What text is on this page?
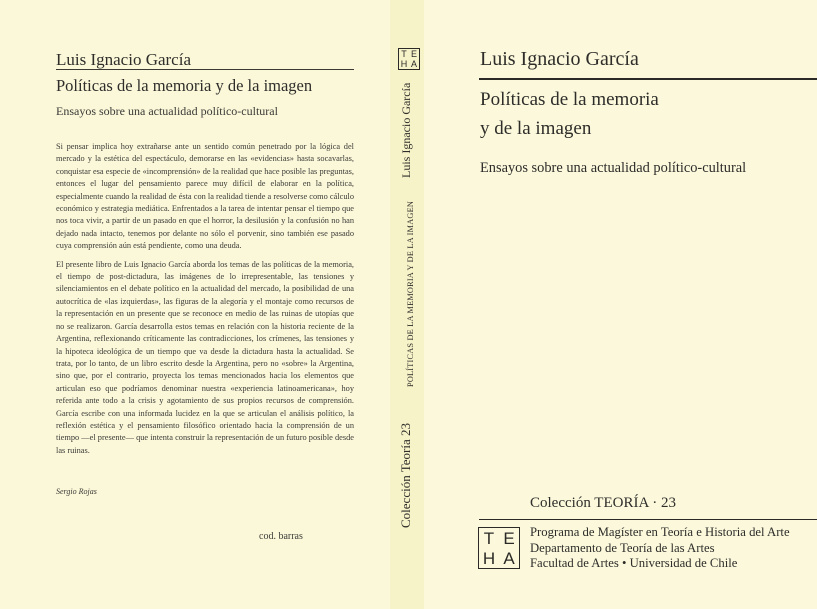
Luis Ignacio García
Políticas de la memoria y de la imagen
Ensayos sobre una actualidad político-cultural

Si pensar implica hoy extrañarse ante un sentido común penetrado por la lógica del mercado y la estética del espectáculo, demorarse en las «evidencias» hasta socavarlas, conquistar esa especie de «incomprensión» de la realidad que hace posible las preguntas, entonces el lugar del pensamiento parece muy difícil de elaborar en la política, especialmente cuando la realidad de ésta con la realidad tiende a resolverse como cálculo económico y estrategia mediática. Enfrentados a la tarea de intentar pensar el tiempo que nos toca vivir, a partir de un pasado en que el horror, la desilusión y la confusión no han dejado nada intacto, tenemos por delante no sólo el porvenir, sino también ese pasado cuya comprensión aún está pendiente, como una deuda.

El presente libro de Luis Ignacio García aborda los temas de las políticas de la memoria, el tiempo de post-dictadura, las imágenes de lo irrepresentable, las tensiones y silenciamientos en el debate político en la actualidad del mercado, la posibilidad de una autocrítica de «las izquierdas», las figuras de la alegoría y el montaje como recursos de la representación en un presente que se reconoce en medio de las ruinas de utopías que no se realizaron. García desarrolla estos temas en relación con la historia reciente de la Argentina, reflexionando críticamente las contradicciones, los crímenes, las tensiones y la hipoteca ideológica de un tiempo que va desde la dictadura hasta la actualidad. Se trata, por lo tanto, de un libro escrito desde la Argentina, pero no «sobre» la Argentina, sino que, por el contrario, proyecta los temas mencionados hacia los elementos que articulan eso que podríamos denominar nuestra «experiencia latinoamericana», hoy referida ante todo a la crisis y agotamiento de sus propios recursos de comprensión. García escribe con una informada lucidez en la que se articulan el análisis político, la reflexión estética y el pensamiento filosófico orientado hacia la comprensión de un tiempo —el presente— que intenta construir la representación de un futuro posible desde las ruinas.

Sergio Rojas
cod. barras
T E
H A
Luis Ignacio García
POLÍTICAS DE LA MEMORIA Y DE LA IMAGEN
Colección Teoría 23
Luis Ignacio García
Políticas de la memoria
y de la imagen
Ensayos sobre una actualidad político-cultural
Colección TEORÍA · 23
T E
H A
Programa de Magíster en Teoría e Historia del Arte
Departamento de Teoría de las Artes
Facultad de Artes • Universidad de Chile
